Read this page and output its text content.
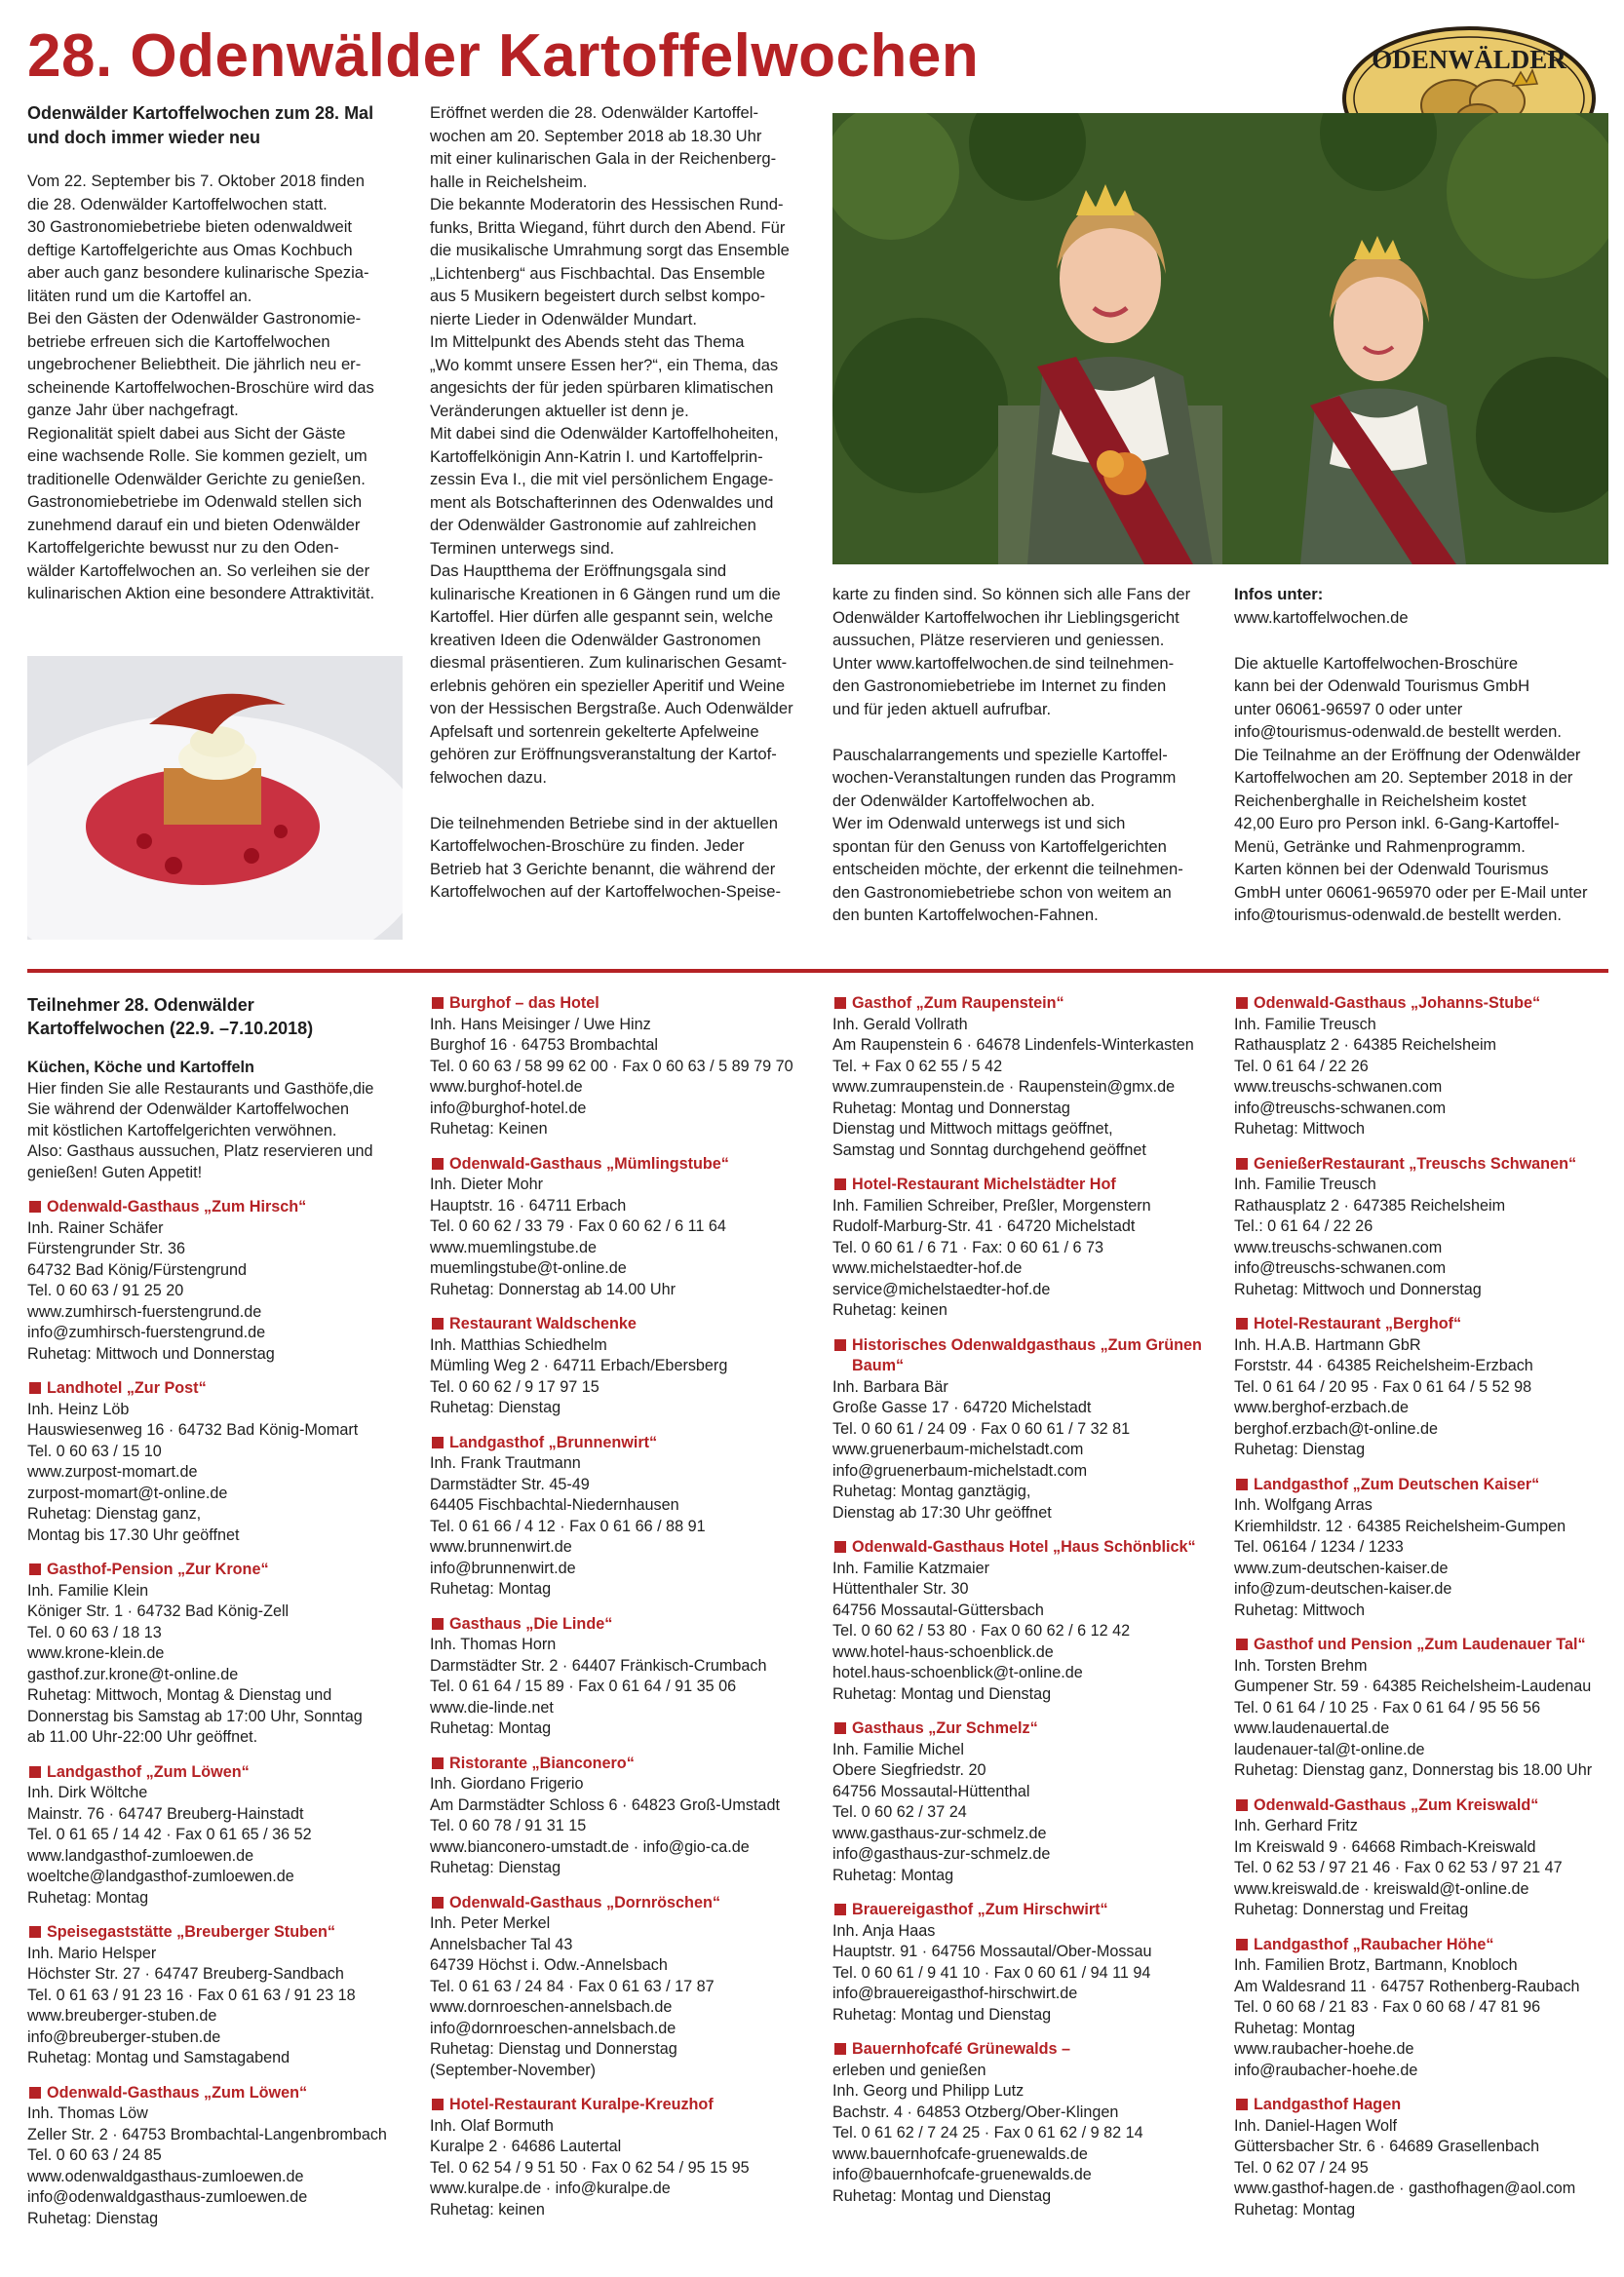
28. Odenwälder Kartoffelwochen	ODENWÄLDER

Odenwälder Kartoffelwochen zum 28. Mal
und doch immer wieder neu

Vom 22. September bis 7. Oktober 2018 finden
die 28. Odenwälder Kartoffelwochen statt.
30 Gastronomiebetriebe bieten odenwaldweit
deftige Kartoffelgerichte aus Omas Kochbuch
aber auch ganz besondere kulinarische Spezia-
litäten rund um die Kartoffel an.
Bei den Gästen der Odenwälder Gastronomie-
betriebe erfreuen sich die Kartoffelwochen
ungebrochener Beliebtheit. Die jährlich neu er-
scheinende Kartoffelwochen-Broschüre wird das
ganze Jahr über nachgefragt.
Regionalität spielt dabei aus Sicht der Gäste
eine wachsende Rolle. Sie kommen gezielt, um
traditionelle Odenwälder Gerichte zu genießen.
Gastronomiebetriebe im Odenwald stellen sich
zunehmend darauf ein und bieten Odenwälder
Kartoffelgerichte bewusst nur zu den Oden-
wälder Kartoffelwochen an. So verleihen sie der
kulinarischen Aktion eine besondere Attraktivität.

Eröffnet werden die 28. Odenwälder Kartoffel-
wochen am 20. September 2018 ab 18.30 Uhr
mit einer kulinarischen Gala in der Reichenberg-
halle in Reichelsheim.
Die bekannte Moderatorin des Hessischen Rund-
funks, Britta Wiegand, führt durch den Abend. Für
die musikalische Umrahmung sorgt das Ensemble
„Lichtenberg“ aus Fischbachtal. Das Ensemble
aus 5 Musikern begeistert durch selbst kompo-
nierte Lieder in Odenwälder Mundart.
Im Mittelpunkt des Abends steht das Thema
„Wo kommt unsere Essen her?“, ein Thema, das
angesichts der für jeden spürbaren klimatischen
Veränderungen aktueller ist denn je.
Mit dabei sind die Odenwälder Kartoffelhoheiten,
Kartoffelkönigin Ann-Katrin I. und Kartoffelprin-
zessin Eva I., die mit viel persönlichem Engage-
ment als Botschafterinnen des Odenwaldes und
der Odenwälder Gastronomie auf zahlreichen
Terminen unterwegs sind.
Das Hauptthema der Eröffnungsgala sind
kulinarische Kreationen in 6 Gängen rund um die
Kartoffel. Hier dürfen alle gespannt sein, welche
kreativen Ideen die Odenwälder Gastronomen
diesmal präsentieren. Zum kulinarischen Gesamt-
erlebnis gehören ein spezieller Aperitif und Weine
von der Hessischen Bergstraße. Auch Odenwälder
Apfelsaft und sortenrein gekelterte Apfelweine
gehören zur Eröffnungsveranstaltung der Kartof-
felwochen dazu.

Die teilnehmenden Betriebe sind in der aktuellen
Kartoffelwochen-Broschüre zu finden. Jeder
Betrieb hat 3 Gerichte benannt, die während der
Kartoffelwochen auf der Kartoffelwochen-Speise-

karte zu finden sind. So können sich alle Fans der
Odenwälder Kartoffelwochen ihr Lieblingsgericht
aussuchen, Plätze reservieren und geniessen.
Unter www.kartoffelwochen.de sind teilnehmen-
den Gastronomiebetriebe im Internet zu finden
und für jeden aktuell aufrufbar.

Pauschalarrangements und spezielle Kartoffel-
wochen-Veranstaltungen runden das Programm
der Odenwälder Kartoffelwochen ab.
Wer im Odenwald unterwegs ist und sich
spontan für den Genuss von Kartoffelgerichten
entscheiden möchte, der erkennt die teilnehmen-
den Gastronomiebetriebe schon von weitem an
den bunten Kartoffelwochen-Fahnen.

Infos unter:
www.kartoffelwochen.de

Die aktuelle Kartoffelwochen-Broschüre
kann bei der Odenwald Tourismus GmbH
unter 06061-96597 0 oder unter
info@tourismus-odenwald.de bestellt werden.
Die Teilnahme an der Eröffnung der Odenwälder
Kartoffelwochen am 20. September 2018 in der
Reichenberghalle in Reichelsheim kostet
42,00 Euro pro Person inkl. 6-Gang-Kartoffel-
Menü, Getränke und Rahmenprogramm.
Karten können bei der Odenwald Tourismus
GmbH unter 06061-965970 oder per E-Mail unter
info@tourismus-odenwald.de bestellt werden.

Teilnehmer 28. Odenwälder
Kartoffelwochen (22.9. –7.10.2018)
Küchen, Köche und Kartoffeln
Hier finden Sie alle Restaurants und Gasthöfe,die
Sie während der Odenwälder Kartoffelwochen
mit köstlichen Kartoffelgerichten verwöhnen.
Also: Gasthaus aussuchen, Platz reservieren und
genießen! Guten Appetit!
Odenwald-Gasthaus „Zum Hirsch“
Inh. Rainer Schäfer
Fürstengrunder Str. 36
64732 Bad König/Fürstengrund
Tel. 0 60 63 / 91 25 20
www.zumhirsch-fuerstengrund.de
info@zumhirsch-fuerstengrund.de
Ruhetag: Mittwoch und Donnerstag
Landhotel „Zur Post“
Inh. Heinz Löb
Hauswiesenweg 16 · 64732 Bad König-Momart
Tel. 0 60 63 / 15 10
www.zurpost-momart.de
zurpost-momart@t-online.de
Ruhetag: Dienstag ganz,
Montag bis 17.30 Uhr geöffnet
Gasthof-Pension „Zur Krone“
Inh. Familie Klein
Königer Str. 1 · 64732 Bad König-Zell
Tel. 0 60 63 / 18 13
www.krone-klein.de
gasthof.zur.krone@t-online.de
Ruhetag: Mittwoch, Montag & Dienstag und
Donnerstag bis Samstag ab 17:00 Uhr, Sonntag
ab 11.00 Uhr-22:00 Uhr geöffnet.
Landgasthof „Zum Löwen“
Inh. Dirk Wöltche
Mainstr. 76 · 64747 Breuberg-Hainstadt
Tel. 0 61 65 / 14 42 · Fax 0 61 65 / 36 52
www.landgasthof-zumloewen.de
woeltche@landgasthof-zumloewen.de
Ruhetag: Montag
Speisegaststätte „Breuberger Stuben“
Inh. Mario Helsper
Höchster Str. 27 · 64747 Breuberg-Sandbach
Tel. 0 61 63 / 91 23 16 · Fax 0 61 63 / 91 23 18
www.breuberger-stuben.de
info@breuberger-stuben.de
Ruhetag: Montag und Samstagabend
Odenwald-Gasthaus „Zum Löwen“
Inh. Thomas Löw
Zeller Str. 2 · 64753 Brombachtal-Langenbrombach
Tel. 0 60 63 / 24 85
www.odenwaldgasthaus-zumloewen.de
info@odenwaldgasthaus-zumloewen.de
Ruhetag: Dienstag
Burghof – das Hotel
Inh. Hans Meisinger / Uwe Hinz
Burghof 16 · 64753 Brombachtal
Tel. 0 60 63 / 58 99 62 00 · Fax 0 60 63 / 5 89 79 70
www.burghof-hotel.de
info@burghof-hotel.de
Ruhetag: Keinen
Odenwald-Gasthaus „Mümlingstube“
Inh. Dieter Mohr
Hauptstr. 16 · 64711 Erbach
Tel. 0 60 62 / 33 79 · Fax 0 60 62 / 6 11 64
www.muemlingstube.de
muemlingstube@t-online.de
Ruhetag: Donnerstag ab 14.00 Uhr
Restaurant Waldschenke
Inh. Matthias Schiedhelm
Mümling Weg 2 · 64711 Erbach/Ebersberg
Tel. 0 60 62 / 9 17 97 15
Ruhetag: Dienstag
Landgasthof „Brunnenwirt“
Inh. Frank Trautmann
Darmstädter Str. 45-49
64405 Fischbachtal-Niedernhausen
Tel. 0 61 66 / 4 12 · Fax 0 61 66 / 88 91
www.brunnenwirt.de
info@brunnenwirt.de
Ruhetag: Montag
Gasthaus „Die Linde“
Inh. Thomas Horn
Darmstädter Str. 2 · 64407 Fränkisch-Crumbach
Tel. 0 61 64 / 15 89 · Fax 0 61 64 / 91 35 06
www.die-linde.net
Ruhetag: Montag
Ristorante „Bianconero“
Inh. Giordano Frigerio
Am Darmstädter Schloss 6 · 64823 Groß-Umstadt
Tel. 0 60 78 / 91 31 15
www.bianconero-umstadt.de · info@gio-ca.de
Ruhetag: Dienstag
Odenwald-Gasthaus „Dornröschen“
Inh. Peter Merkel
Annelsbacher Tal 43
64739 Höchst i. Odw.-Annelsbach
Tel. 0 61 63 / 24 84 · Fax 0 61 63 / 17 87
www.dornroeschen-annelsbach.de
info@dornroeschen-annelsbach.de
Ruhetag: Dienstag und Donnerstag
(September-November)
Hotel-Restaurant Kuralpe-Kreuzhof
Inh. Olaf Bormuth
Kuralpe 2 · 64686 Lautertal
Tel. 0 62 54 / 9 51 50 · Fax 0 62 54 / 95 15 95
www.kuralpe.de · info@kuralpe.de
Ruhetag: keinen
Gasthof „Zum Raupenstein“
Inh. Gerald Vollrath
Am Raupenstein 6 · 64678 Lindenfels-Winterkasten
Tel. + Fax 0 62 55 / 5 42
www.zumraupenstein.de · Raupenstein@gmx.de
Ruhetag: Montag und Donnerstag
Dienstag und Mittwoch mittags geöffnet,
Samstag und Sonntag durchgehend geöffnet
Hotel-Restaurant Michelstädter Hof
Inh. Familien Schreiber, Preßler, Morgenstern
Rudolf-Marburg-Str. 41 · 64720 Michelstadt
Tel. 0 60 61 / 6 71 · Fax: 0 60 61 / 6 73
www.michelstaedter-hof.de
service@michelstaedter-hof.de
Ruhetag: keinen
Historisches Odenwaldgasthaus „Zum Grünen Baum“
Inh. Barbara Bär
Große Gasse 17 · 64720 Michelstadt
Tel. 0 60 61 / 24 09 · Fax 0 60 61 / 7 32 81
www.gruenerbaum-michelstadt.com
info@gruenerbaum-michelstadt.com
Ruhetag: Montag ganztägig,
Dienstag ab 17:30 Uhr geöffnet
Odenwald-Gasthaus Hotel „Haus Schönblick“
Inh. Familie Katzmaier
Hüttenthaler Str. 30
64756 Mossautal-Güttersbach
Tel. 0 60 62 / 53 80 · Fax 0 60 62 / 6 12 42
www.hotel-haus-schoenblick.de
hotel.haus-schoenblick@t-online.de
Ruhetag: Montag und Dienstag
Gasthaus „Zur Schmelz“
Inh. Familie Michel
Obere Siegfriedstr. 20
64756 Mossautal-Hüttenthal
Tel. 0 60 62 / 37 24
www.gasthaus-zur-schmelz.de
info@gasthaus-zur-schmelz.de
Ruhetag: Montag
Brauereigasthof „Zum Hirschwirt“
Inh. Anja Haas
Hauptstr. 91 · 64756 Mossautal/Ober-Mossau
Tel. 0 60 61 / 9 41 10 · Fax 0 60 61 / 94 11 94
info@brauereigasthof-hirschwirt.de
Ruhetag: Montag und Dienstag
Bauernhofcafé Grünewalds –
erleben und genießen
Inh. Georg und Philipp Lutz
Bachstr. 4 · 64853 Otzberg/Ober-Klingen
Tel. 0 61 62 / 7 24 25 · Fax 0 61 62 / 9 82 14
www.bauernhofcafe-gruenewalds.de
info@bauernhofcafe-gruenewalds.de
Ruhetag: Montag und Dienstag
Odenwald-Gasthaus „Johanns-Stube“
Inh. Familie Treusch
Rathausplatz 2 · 64385 Reichelsheim
Tel. 0 61 64 / 22 26
www.treuschs-schwanen.com
info@treuschs-schwanen.com
Ruhetag: Mittwoch
GenießerRestaurant „Treuschs Schwanen“
Inh. Familie Treusch
Rathausplatz 2 · 647385 Reichelsheim
Tel.: 0 61 64 / 22 26
www.treuschs-schwanen.com
info@treuschs-schwanen.com
Ruhetag: Mittwoch und Donnerstag
Hotel-Restaurant „Berghof“
Inh. H.A.B. Hartmann GbR
Forststr. 44 · 64385 Reichelsheim-Erzbach
Tel. 0 61 64 / 20 95 · Fax 0 61 64 / 5 52 98
www.berghof-erzbach.de
berghof.erzbach@t-online.de
Ruhetag: Dienstag
Landgasthof „Zum Deutschen Kaiser“
Inh. Wolfgang Arras
Kriemhildstr. 12 · 64385 Reichelsheim-Gumpen
Tel. 06164 / 1234 / 1233
www.zum-deutschen-kaiser.de
info@zum-deutschen-kaiser.de
Ruhetag: Mittwoch
Gasthof und Pension „Zum Laudenauer Tal“
Inh. Torsten Brehm
Gumpener Str. 59 · 64385 Reichelsheim-Laudenau
Tel. 0 61 64 / 10 25 · Fax 0 61 64 / 95 56 56
www.laudenauertal.de
laudenauer-tal@t-online.de
Ruhetag: Dienstag ganz, Donnerstag bis 18.00 Uhr
Odenwald-Gasthaus „Zum Kreiswald“
Inh. Gerhard Fritz
Im Kreiswald 9 · 64668 Rimbach-Kreiswald
Tel. 0 62 53 / 97 21 46 · Fax 0 62 53 / 97 21 47
www.kreiswald.de · kreiswald@t-online.de
Ruhetag: Donnerstag und Freitag
Landgasthof „Raubacher Höhe“
Inh. Familien Brotz, Bartmann, Knobloch
Am Waldesrand 11 · 64757 Rothenberg-Raubach
Tel. 0 60 68 / 21 83 · Fax 0 60 68 / 47 81 96
Ruhetag: Montag
www.raubacher-hoehe.de
info@raubacher-hoehe.de
Landgasthof Hagen
Inh. Daniel-Hagen Wolf
Güttersbacher Str. 6 · 64689 Grasellenbach
Tel. 0 62 07 / 24 95
www.gasthof-hagen.de · gasthofhagen@aol.com
Ruhetag: Montag
